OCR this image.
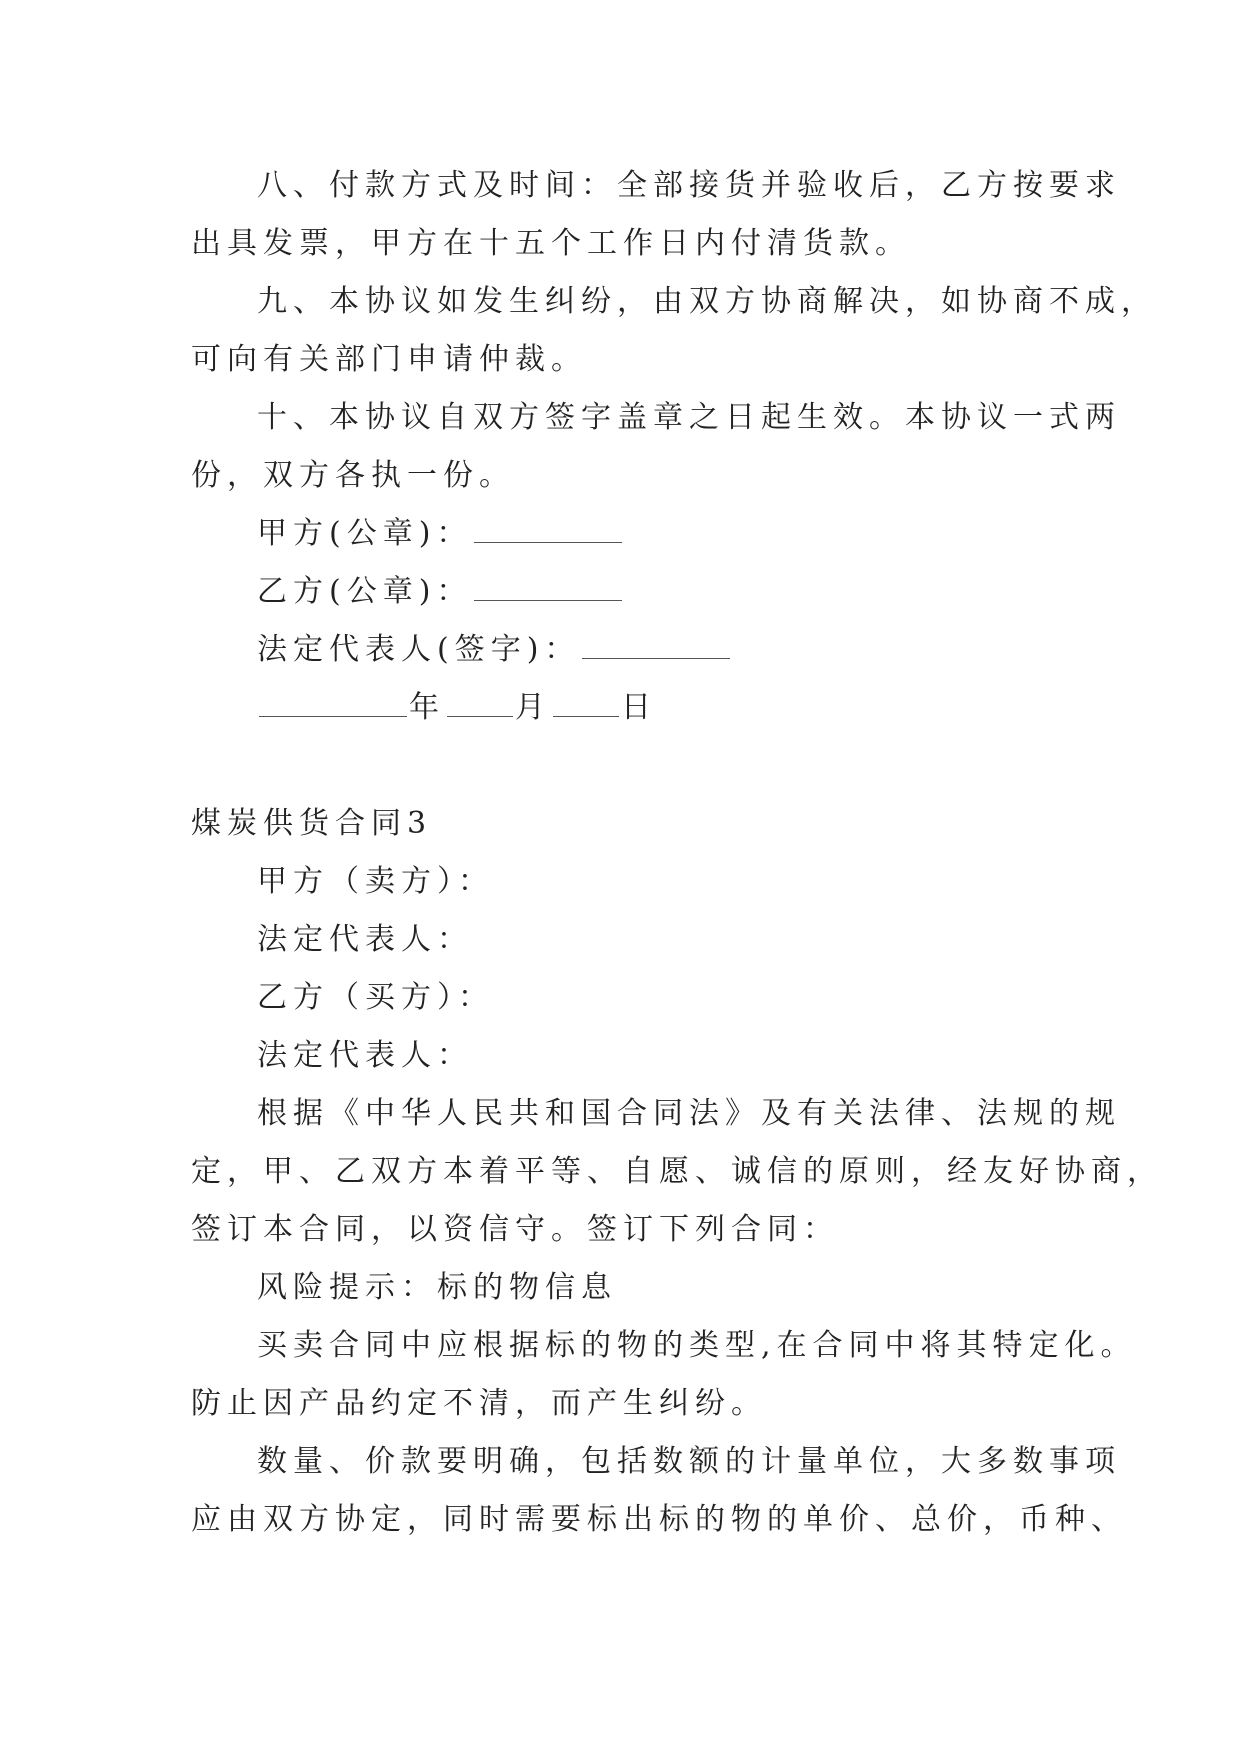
八、付款方式及时间：全部接货并验收后，乙方按要求
出具发票，甲方在十五个工作日内付清货款。
九、本协议如发生纠纷，由双方协商解决，如协商不成，
可向有关部门申请仲裁。
十、本协议自双方签字盖章之日起生效。本协议一式两
份，双方各执一份。
甲方(公章)：
乙方(公章)：
法定代表人(签字)：
年 月 日
煤炭供货合同3
甲方（卖方）：
法定代表人：
乙方（买方）：
法定代表人：
根据《中华人民共和国合同法》及有关法律、法规的规
定，甲、乙双方本着平等、自愿、诚信的原则，经友好协商，
签订本合同，以资信守。签订下列合同：
风险提示：标的物信息
买卖合同中应根据标的物的类型,在合同中将其特定化。
防止因产品约定不清，而产生纠纷。
数量、价款要明确，包括数额的计量单位，大多数事项
应由双方协定，同时需要标出标的物的单价、总价，币种、
